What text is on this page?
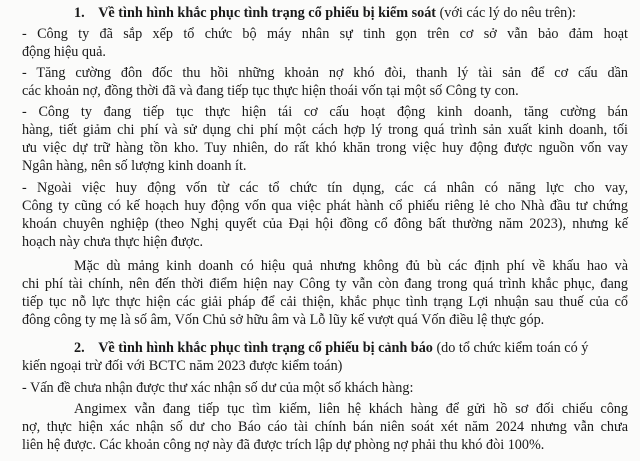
1. Về tình hình khắc phục tình trạng cổ phiếu bị kiểm soát (với các lý do nêu trên):
- Công ty đã sắp xếp tổ chức bộ máy nhân sự tinh gọn trên cơ sở vẫn bảo đảm hoạt
động hiệu quả.
- Tăng cường đôn đốc thu hồi những khoản nợ khó đòi, thanh lý tài sản để cơ cấu dần
các khoản nợ, đồng thời đã và đang tiếp tục thực hiện thoái vốn tại một số Công ty con.
- Công ty đang tiếp tục thực hiện tái cơ cấu hoạt động kinh doanh, tăng cường bán
hàng, tiết giảm chi phí và sử dụng chi phí một cách hợp lý trong quá trình sản xuất kinh doanh, tối
ưu việc dự trữ hàng tồn kho. Tuy nhiên, do rất khó khăn trong việc huy động được nguồn vốn vay
Ngân hàng, nên số lượng kinh doanh ít.
- Ngoài việc huy động vốn từ các tổ chức tín dụng, các cá nhân có năng lực cho vay,
Công ty cũng có kế hoạch huy động vốn qua việc phát hành cổ phiếu riêng lẻ cho Nhà đầu tư chứng
khoán chuyên nghiệp (theo Nghị quyết của Đại hội đồng cổ đông bất thường năm 2023), nhưng kế
hoạch này chưa thực hiện được.
Mặc dù mảng kinh doanh có hiệu quả nhưng không đủ bù các định phí về khấu hao và
chi phí tài chính, nên đến thời điểm hiện nay Công ty vẫn còn đang trong quá trình khắc phục, đang
tiếp tục nỗ lực thực hiện các giải pháp để cải thiện, khắc phục tình trạng Lợi nhuận sau thuế của cổ
đông công ty mẹ là số âm, Vốn Chủ sở hữu âm và Lỗ lũy kế vượt quá Vốn điều lệ thực góp.
2. Về tình hình khắc phục tình trạng cổ phiếu bị cảnh báo (do tổ chức kiểm toán có ý
kiến ngoại trừ đối với BCTC năm 2023 được kiểm toán)
- Vấn đề chưa nhận được thư xác nhận số dư của một số khách hàng:
Angimex vẫn đang tiếp tục tìm kiếm, liên hệ khách hàng để gửi hồ sơ đối chiếu công
nợ, thực hiện xác nhận số dư cho Báo cáo tài chính bán niên soát xét năm 2024 nhưng vẫn chưa
liên hệ được. Các khoản công nợ này đã được trích lập dự phòng nợ phải thu khó đòi 100%.
